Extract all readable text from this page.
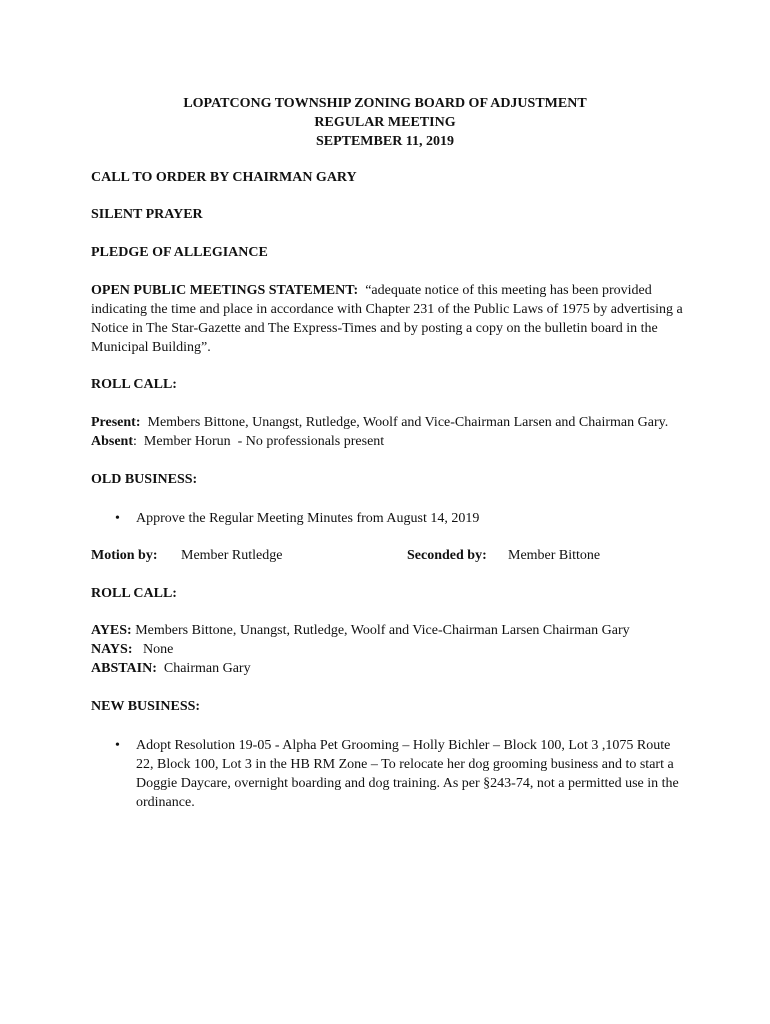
LOPATCONG TOWNSHIP ZONING BOARD OF ADJUSTMENT
REGULAR MEETING
SEPTEMBER 11, 2019
CALL TO ORDER BY CHAIRMAN GARY
SILENT PRAYER
PLEDGE OF ALLEGIANCE
OPEN PUBLIC MEETINGS STATEMENT: “adequate notice of this meeting has been provided
indicating the time and place in accordance with Chapter 231 of the Public Laws of 1975 by advertising a
Notice in The Star-Gazette and The Express-Times and by posting a copy on the bulletin board in the
Municipal Building”.
ROLL CALL:
Present: Members Bittone, Unangst, Rutledge, Woolf and Vice-Chairman Larsen and Chairman Gary.
Absent:  Member Horun  - No professionals present
OLD BUSINESS:
• Approve the Regular Meeting Minutes from August 14, 2019
Motion by: Member Rutledge	Seconded by: Member Bittone
ROLL CALL:
AYES: Members Bittone, Unangst, Rutledge, Woolf and Vice-Chairman Larsen Chairman Gary
NAYS: None
ABSTAIN: Chairman Gary
NEW BUSINESS:
• Adopt Resolution 19-05 - Alpha Pet Grooming – Holly Bichler – Block 100, Lot 3 ,1075 Route
22, Block 100, Lot 3 in the HB RM Zone – To relocate her dog grooming business and to start a
Doggie Daycare, overnight boarding and dog training. As per §243-74, not a permitted use in the
ordinance.
